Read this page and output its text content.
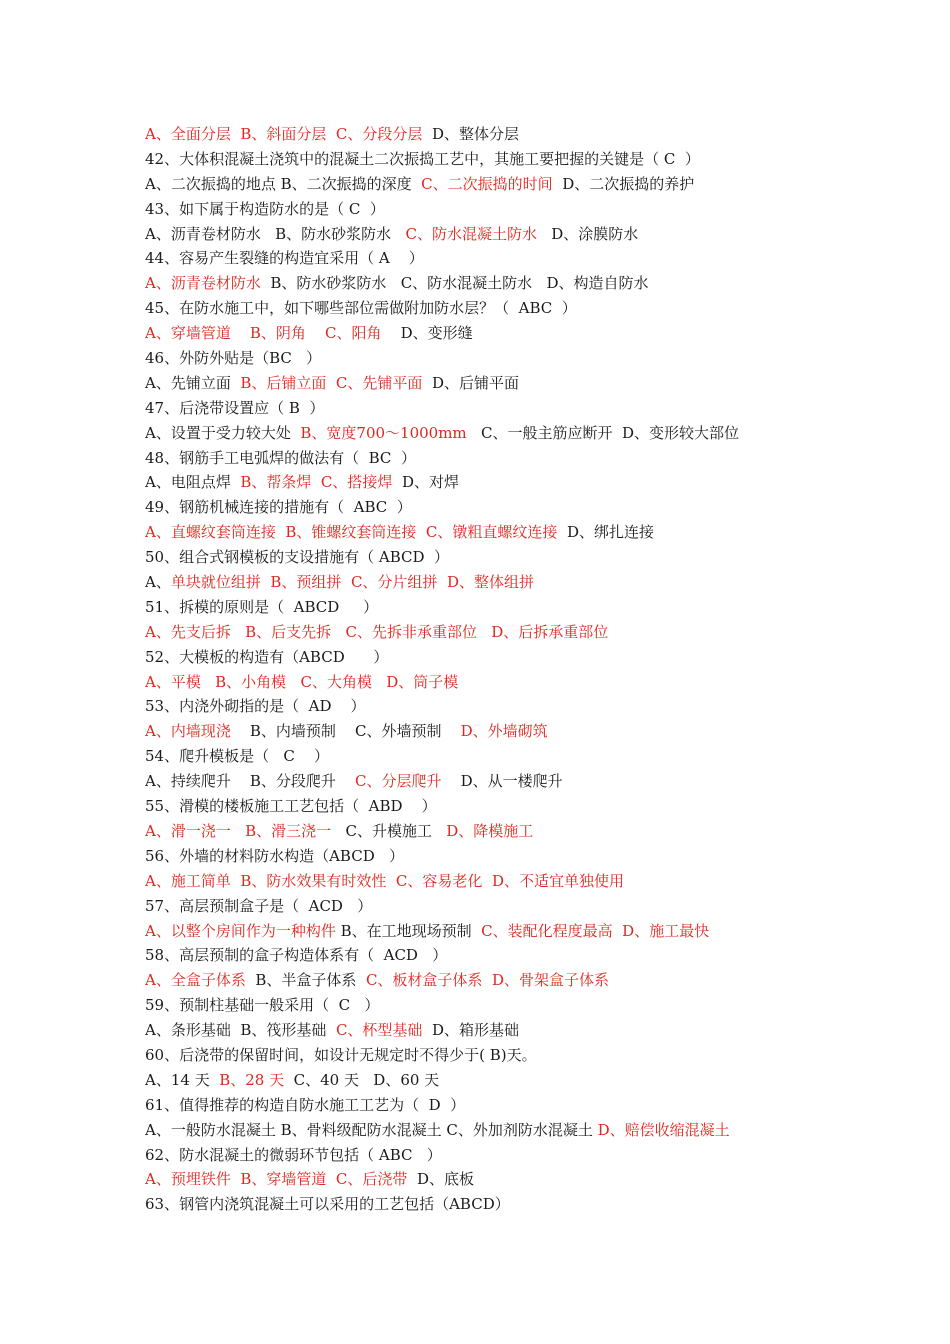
A、全面分层  B、斜面分层  C、分段分层  D、整体分层
42、大体积混凝土浇筑中的混凝土二次振捣工艺中，其施工要把握的关键是（ C  ）
A、二次振捣的地点 B、二次振捣的深度  C、二次振捣的时间  D、二次振捣的养护
43、如下属于构造防水的是（ C  ）
A、沥青卷材防水   B、防水砂浆防水   C、防水混凝土防水   D、涂膜防水
44、容易产生裂缝的构造宜采用（ A    ）
A、沥青卷材防水  B、防水砂浆防水   C、防水混凝土防水   D、构造自防水
45、在防水施工中，如下哪些部位需做附加防水层？（  ABC  ）
A、穿墙管道    B、阴角    C、阳角    D、变形缝
46、外防外贴是（BC   ）
A、先铺立面  B、后铺立面  C、先铺平面  D、后铺平面
47、后浇带设置应（ B  ）
A、设置于受力较大处  B、宽度700～1000mm   C、一般主筋应断开  D、变形较大部位
48、钢筋手工电弧焊的做法有（  BC  ）
A、电阻点焊  B、帮条焊  C、搭接焊  D、对焊
49、钢筋机械连接的措施有（  ABC  ）
A、直螺纹套筒连接  B、锥螺纹套筒连接  C、镦粗直螺纹连接  D、绑扎连接
50、组合式钢模板的支设措施有（ ABCD  ）
A、单块就位组拼  B、预组拼  C、分片组拼  D、整体组拼
51、拆模的原则是（  ABCD     ）
A、先支后拆   B、后支先拆   C、先拆非承重部位   D、后拆承重部位
52、大模板的构造有（ABCD      ）
A、平模   B、小角模   C、大角模   D、筒子模
53、内浇外砌指的是（  AD    ）
A、内墙现浇    B、内墙预制    C、外墙预制    D、外墙砌筑
54、爬升模板是（   C    ）
A、持续爬升    B、分段爬升    C、分层爬升    D、从一楼爬升
55、滑模的楼板施工工艺包括（  ABD    ）
A、滑一浇一   B、滑三浇一   C、升模施工   D、降模施工
56、外墙的材料防水构造（ABCD   ）
A、施工简单  B、防水效果有时效性  C、容易老化  D、不适宜单独使用
57、高层预制盒子是（  ACD   ）
A、以整个房间作为一种构件 B、在工地现场预制  C、装配化程度最高  D、施工最快
58、高层预制的盒子构造体系有（  ACD   ）
A、全盒子体系  B、半盒子体系  C、板材盒子体系  D、骨架盒子体系
59、预制柱基础一般采用（  C   ）
A、条形基础  B、筏形基础  C、杯型基础  D、箱形基础
60、后浇带的保留时间，如设计无规定时不得少于( B)天。
A、14 天  B、28 天  C、40 天   D、60 天
61、值得推荐的构造自防水施工工艺为（  D  ）
A、一般防水混凝土 B、骨料级配防水混凝土 C、外加剂防水混凝土 D、赔偿收缩混凝土
62、防水混凝土的微弱环节包括（ ABC   ）
A、预埋铁件  B、穿墙管道  C、后浇带  D、底板
63、钢管内浇筑混凝土可以采用的工艺包括（ABCD）
